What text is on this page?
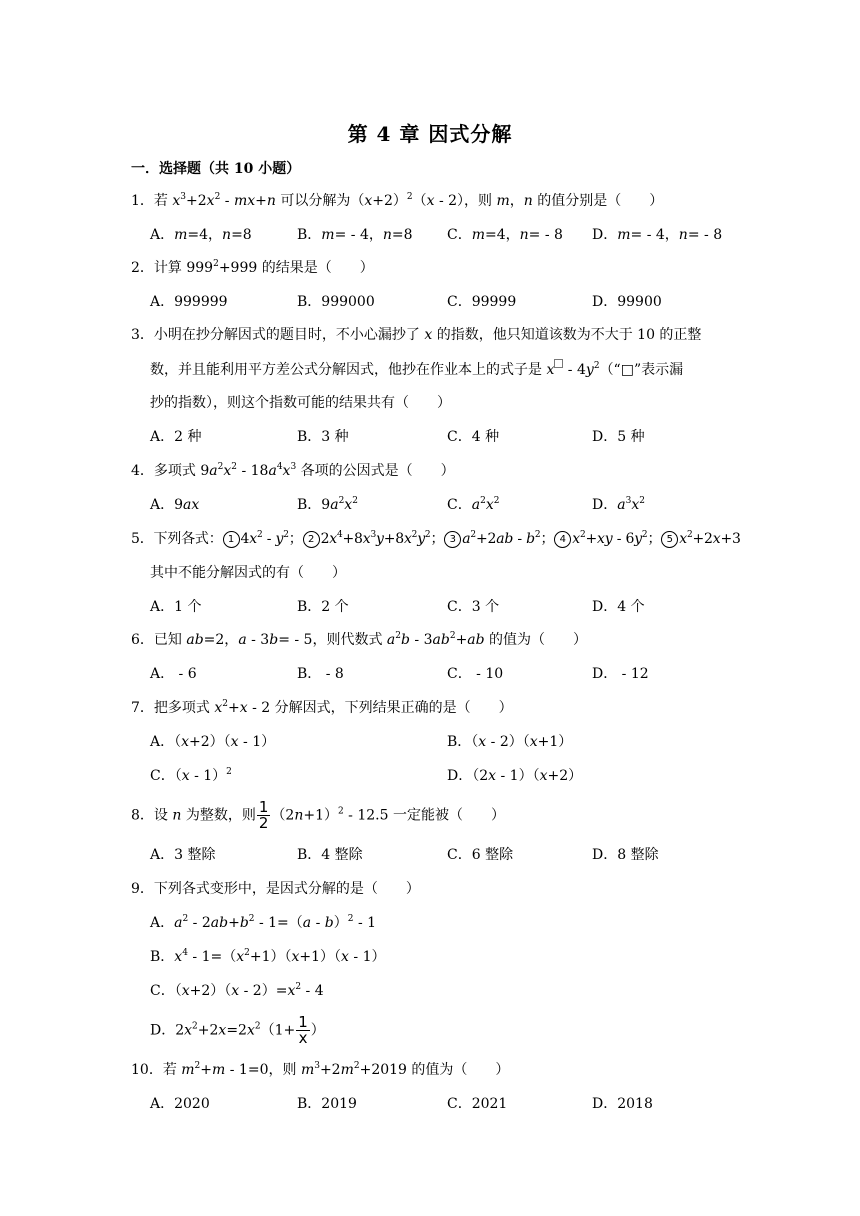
第 4 章 因式分解
一．选择题（共 10 小题）
1．若 $x^3+2x^2 - mx+n$ 可以分解为$(x+2)^2(x - 2)$，则 m，n 的值分别是（　　）
A．m=4，n=8	B．m= - 4，n=8 C．m=4，n= - 8 D．m= - 4，n= - 8
2．计算 $999^2+999$ 的结果是（　　）
A．999999	B．999000	C．99999	D．99900
3．小明在抄分解因式的题目时，不小心漏抄了 x 的指数，他只知道该数为不大于 10 的正整
数，并且能利用平方差公式分解因式，他抄在作业本上的式子是 x - $4y^2(“□$”表示漏
抄的指数），则这个指数可能的结果共有（　　）
A．2 种	B．3 种	C．4 种	D．5 种
4．多项式 $9a^2x^2 - 18a^4x^3$ 各项的公因式是（　　）
A．9ax	B．$9a^2x^2$	C．$a^2x^2$	D．$a^3x^2$
5．下列各式： 1 $4x^2 - y^2$； 2 $2x^4+8x^3y+8x^2y^2$； 3 $a^2+2ab - b^2$； 4 $x^2+xy - 6y^2$； 5 $x^2+2x+3$
其中不能分解因式的有（　　）
A．1 个	B．2 个	C．3 个	D．4 个
6．已知 ab=2，a - 3b= - 5，则代数式 $a^2b - 3ab^2+ab$ 的值为（　　）
A． - 6	B． - 8	C． - 10	D． - 12
7．把多项式 $x^2+x - 2$ 分解因式，下列结果正确的是（　　）
A．（x+2）（x - 1）	B．（x - 2）（x+1）
C．（x - 1）$^2$	D．（2x - 1）（x+2）
8．设 n 为整数，则 $\frac{1}{2} (2n+1)^2 - 12.5$ 一定能被（　　）
A．3 整除	B．4 整除	C．6 整除	D．8 整除
9．下列各式变形中，是因式分解的是（　　）
A．$a^2 - 2ab+b^2 - 1=(a - b)^2 - 1$
B．$x^4 - 1=(x^2+1)(x+1)(x - 1)$
C．$(x+2)(x - 2)=x^2 - 4$
D．$2x^2+2x=2x^2(1+ \frac{1}{x}$ ）
10．若 $m^2+m - 1=0$，则 $m^3+2m^2+2019$ 的值为（　　）
A．2020	B．2019	C．2021	D．2018
